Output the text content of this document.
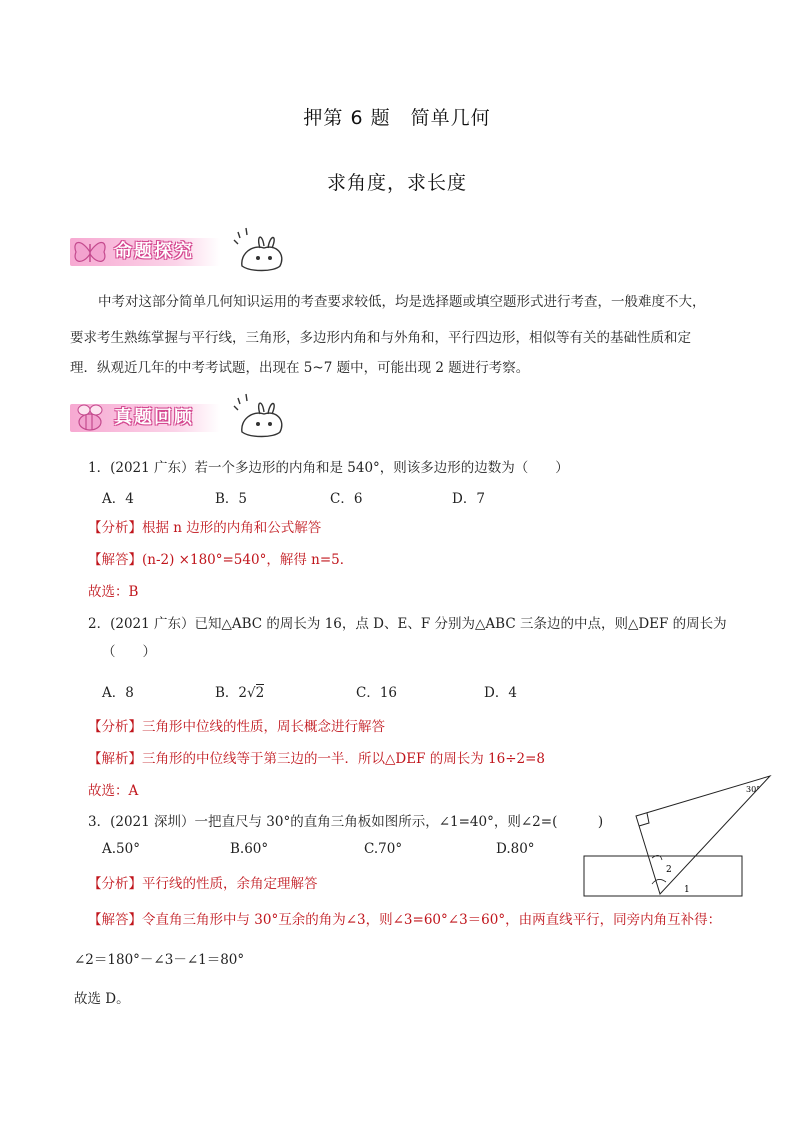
押第 6 题　简单几何
求角度，求长度
命题探究
中考对这部分简单几何知识运用的考查要求较低，均是选择题或填空题形式进行考查，一般难度不大，
要求考生熟练掌握与平行线，三角形，多边形内角和与外角和，平行四边形，相似等有关的基础性质和定
理．纵观近几年的中考考试题，出现在 5~7 题中，可能出现 2 题进行考察。
真题回顾
1．(2021 广东）若一个多边形的内角和是 540°，则该多边形的边数为（　　）
A．4	B．5	C．6	D．7
【分析】根据 n 边形的内角和公式解答
【解答】(n-2) ×180°=540°，解得 n=5．
故选：B
2．(2021 广东）已知△ABC 的周长为 16，点 D、E、F 分别为△ABC 三条边的中点，则△DEF 的周长为
（　　）
A．8	B．2√2	C．16	D．4
【分析】三角形中位线的性质，周长概念进行解答
【解析】三角形的中位线等于第三边的一半．所以△DEF 的周长为 16÷2=8
故选：A
3．(2021 深圳）一把直尺与 30°的直角三角板如图所示，∠1=40°，则∠2=(　　　)
A.50°	B.60°	C.70°	D.80°
30°
2
1
【分析】平行线的性质，余角定理解答
【解答】令直角三角形中与 30°互余的角为∠3，则∠3=60°∠3＝60°，由两直线平行，同旁内角互补得：
∠2＝180°－∠3－∠1＝80°
故选 D。
